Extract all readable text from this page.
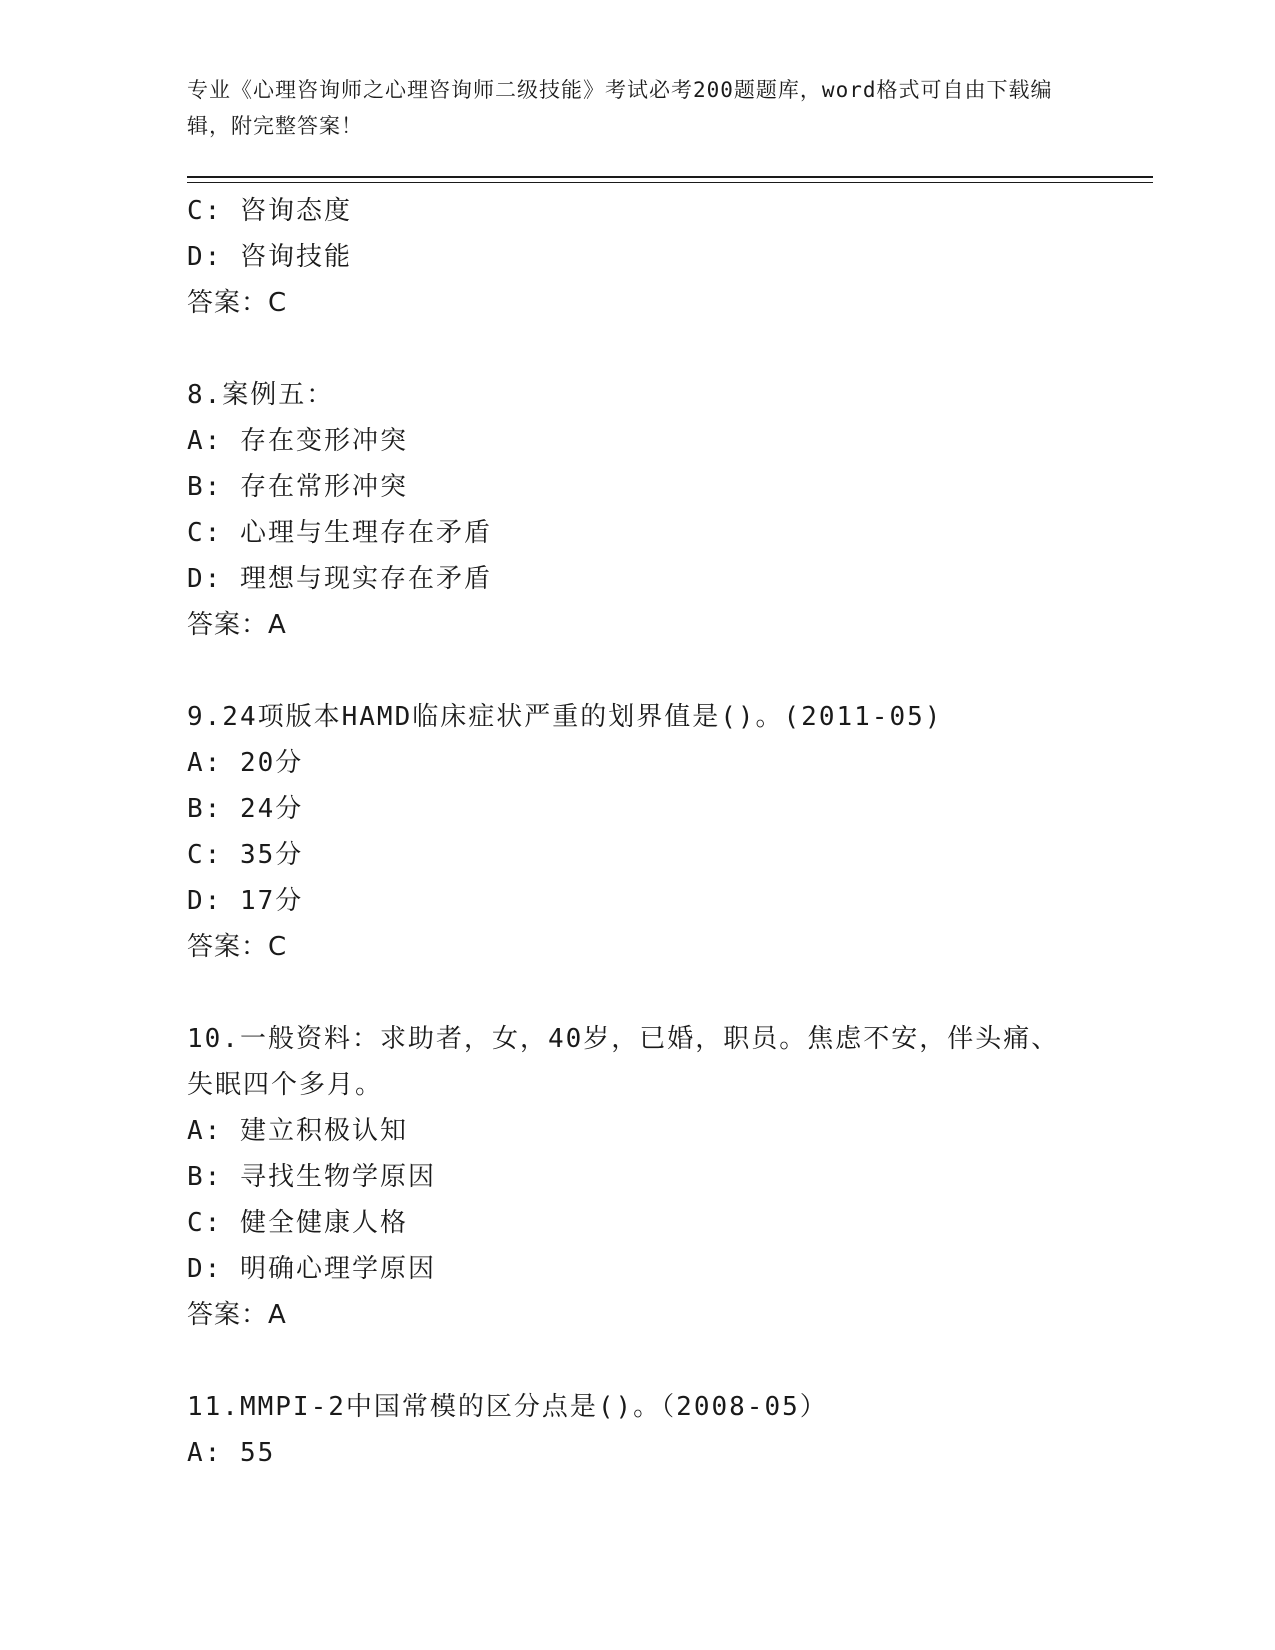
专业《心理咨询师之心理咨询师二级技能》考试必考200题题库，word格式可自由下载编辑，附完整答案！
C: 咨询态度
D: 咨询技能
答案：C
8.案例五：
A: 存在变形冲突
B: 存在常形冲突
C: 心理与生理存在矛盾
D: 理想与现实存在矛盾
答案：A
9.24项版本HAMD临床症状严重的划界值是()。(2011-05)
A: 20分
B: 24分
C: 35分
D: 17分
答案：C
10.一般资料：求助者，女，40岁，已婚，职员。焦虑不安，伴头痛、
失眠四个多月。
A: 建立积极认知
B: 寻找生物学原因
C: 健全健康人格
D: 明确心理学原因
答案：A
11.MMPI-2中国常模的区分点是()。（2008-05）
A: 55
